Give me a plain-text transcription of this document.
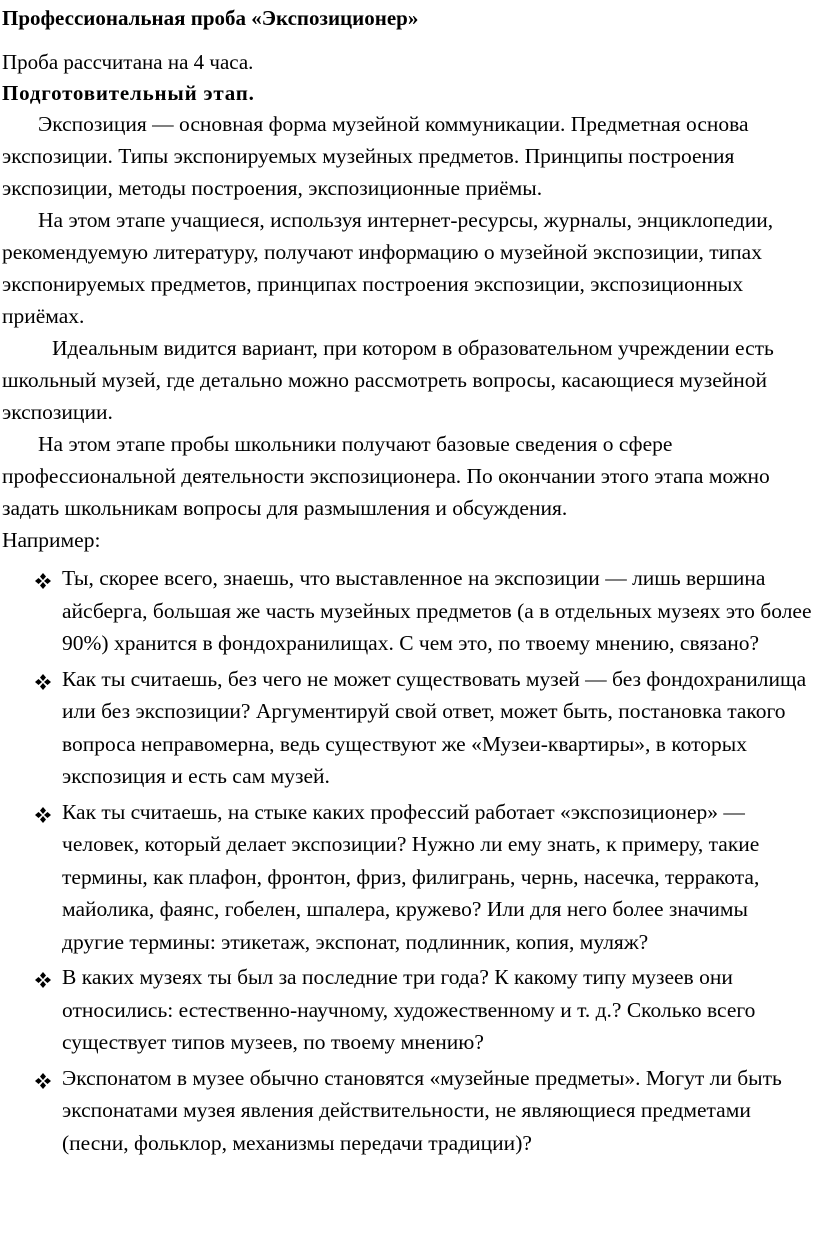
Профессиональная проба «Экспозиционер»
Проба рассчитана на 4 часа.
Подготовительный этап.

Экспозиция — основная форма музейной коммуникации. Предметная основа экспозиции. Типы экспонируемых музейных предметов. Принципы построения экспозиции, методы построения, экспозиционные приёмы.

На этом этапе учащиеся, используя интернет-ресурсы, журналы, энциклопедии, рекомендуемую литературу, получают информацию о музейной экспозиции, типах экспонируемых предметов, принципах построения экспозиции, экспозиционных приёмах.

Идеальным видится вариант, при котором в образовательном учреждении есть школьный музей, где детально можно рассмотреть вопросы, касающиеся музейной экспозиции.

На этом этапе пробы школьники получают базовые сведения о сфере профессиональной деятельности экспозиционера. По окончании этого этапа можно задать школьникам вопросы для размышления и обсуждения.

Например:

Ты, скорее всего, знаешь, что выставленное на экспозиции — лишь вершина айсберга, большая же часть музейных предметов (а в отдельных музеях это более 90%) хранится в фондохранилищах. С чем это, по твоему мнению, связано?
Как ты считаешь, без чего не может существовать музей — без фондохранилища или без экспозиции? Аргументируй свой ответ, может быть, постановка такого вопроса неправомерна, ведь существуют же «Музеи-квартиры», в которых экспозиция и есть сам музей.
Как ты считаешь, на стыке каких профессий работает «экспозиционер» — человек, который делает экспозиции? Нужно ли ему знать, к примеру, такие термины, как плафон, фронтон, фриз, филигрань, чернь, насечка, терракота, майолика, фаянс, гобелен, шпалера, кружево? Или для него более значимы другие термины: этикетаж, экспонат, подлинник, копия, муляж?
В каких музеях ты был за последние три года? К какому типу музеев они относились: естественно-научному, художественному и т. д.? Сколько всего существует типов музеев, по твоему мнению?
Экспонатом в музее обычно становятся «музейные предметы». Могут ли быть экспонатами музея явления действительности, не являющиеся предметами (песни, фольклор, механизмы передачи традиции)?
